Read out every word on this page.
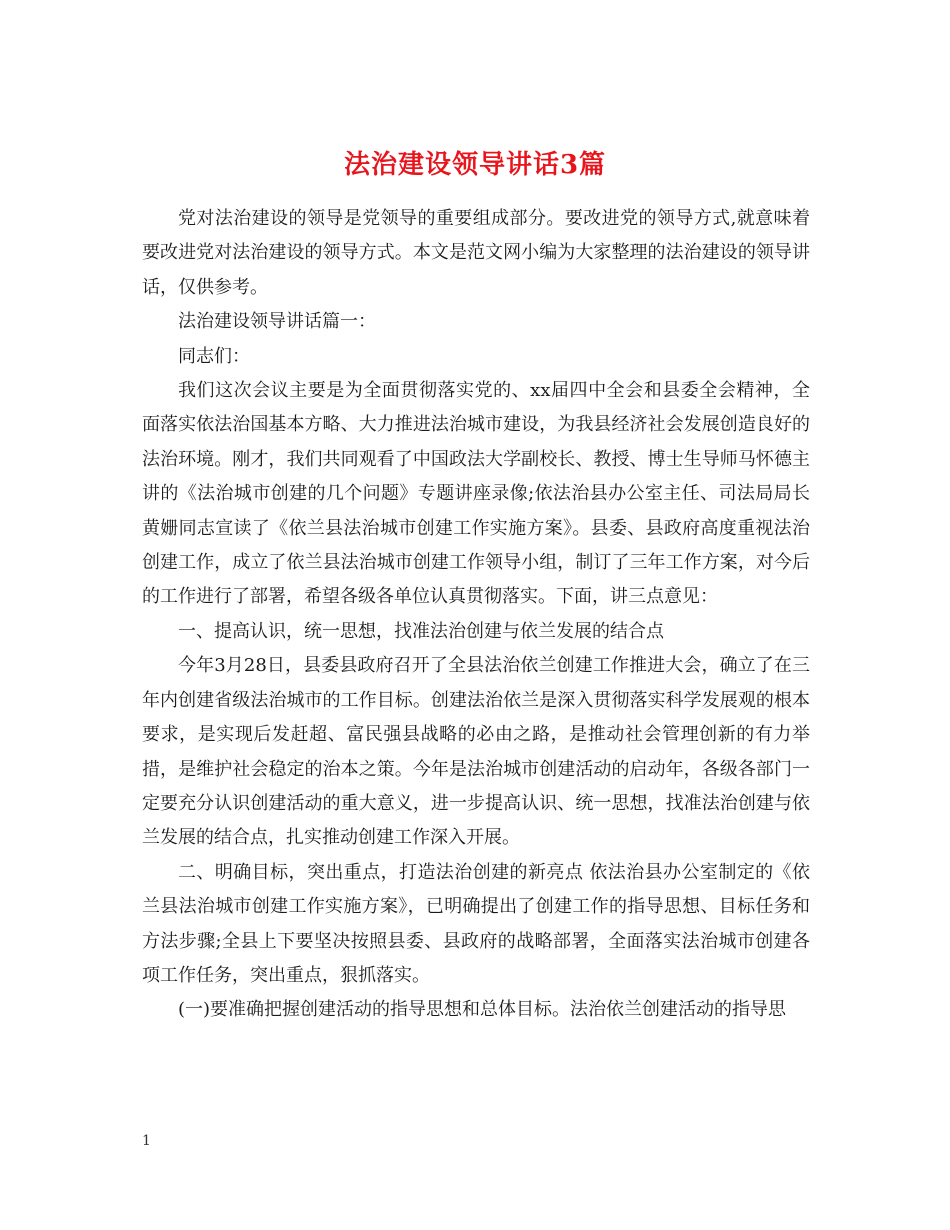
法治建设领导讲话3篇

党对法治建设的领导是党领导的重要组成部分。要改进党的领导方式,就意味着要改进党对法治建设的领导方式。本文是范文网小编为大家整理的法治建设的领导讲话，仅供参考。

法治建设领导讲话篇一：

同志们：

我们这次会议主要是为全面贯彻落实党的、xx届四中全会和县委全会精神，全面落实依法治国基本方略、大力推进法治城市建设，为我县经济社会发展创造良好的法治环境。刚才，我们共同观看了中国政法大学副校长、教授、博士生导师马怀德主讲的《法治城市创建的几个问题》专题讲座录像;依法治县办公室主任、司法局局长黄姗同志宣读了《依兰县法治城市创建工作实施方案》。县委、县政府高度重视法治创建工作，成立了依兰县法治城市创建工作领导小组，制订了三年工作方案，对今后的工作进行了部署，希望各级各单位认真贯彻落实。下面，讲三点意见：

一、提高认识，统一思想，找准法治创建与依兰发展的结合点

今年3月28日，县委县政府召开了全县法治依兰创建工作推进大会，确立了在三年内创建省级法治城市的工作目标。创建法治依兰是深入贯彻落实科学发展观的根本要求，是实现后发赶超、富民强县战略的必由之路，是推动社会管理创新的有力举措，是维护社会稳定的治本之策。今年是法治城市创建活动的启动年，各级各部门一定要充分认识创建活动的重大意义，进一步提高认识、统一思想，找准法治创建与依兰发展的结合点，扎实推动创建工作深入开展。

二、明确目标，突出重点，打造法治创建的新亮点 依法治县办公室制定的《依兰县法治城市创建工作实施方案》，已明确提出了创建工作的指导思想、目标任务和方法步骤;全县上下要坚决按照县委、县政府的战略部署，全面落实法治城市创建各项工作任务，突出重点，狠抓落实。

(一)要准确把握创建活动的指导思想和总体目标。法治依兰创建活动的指导思

1
